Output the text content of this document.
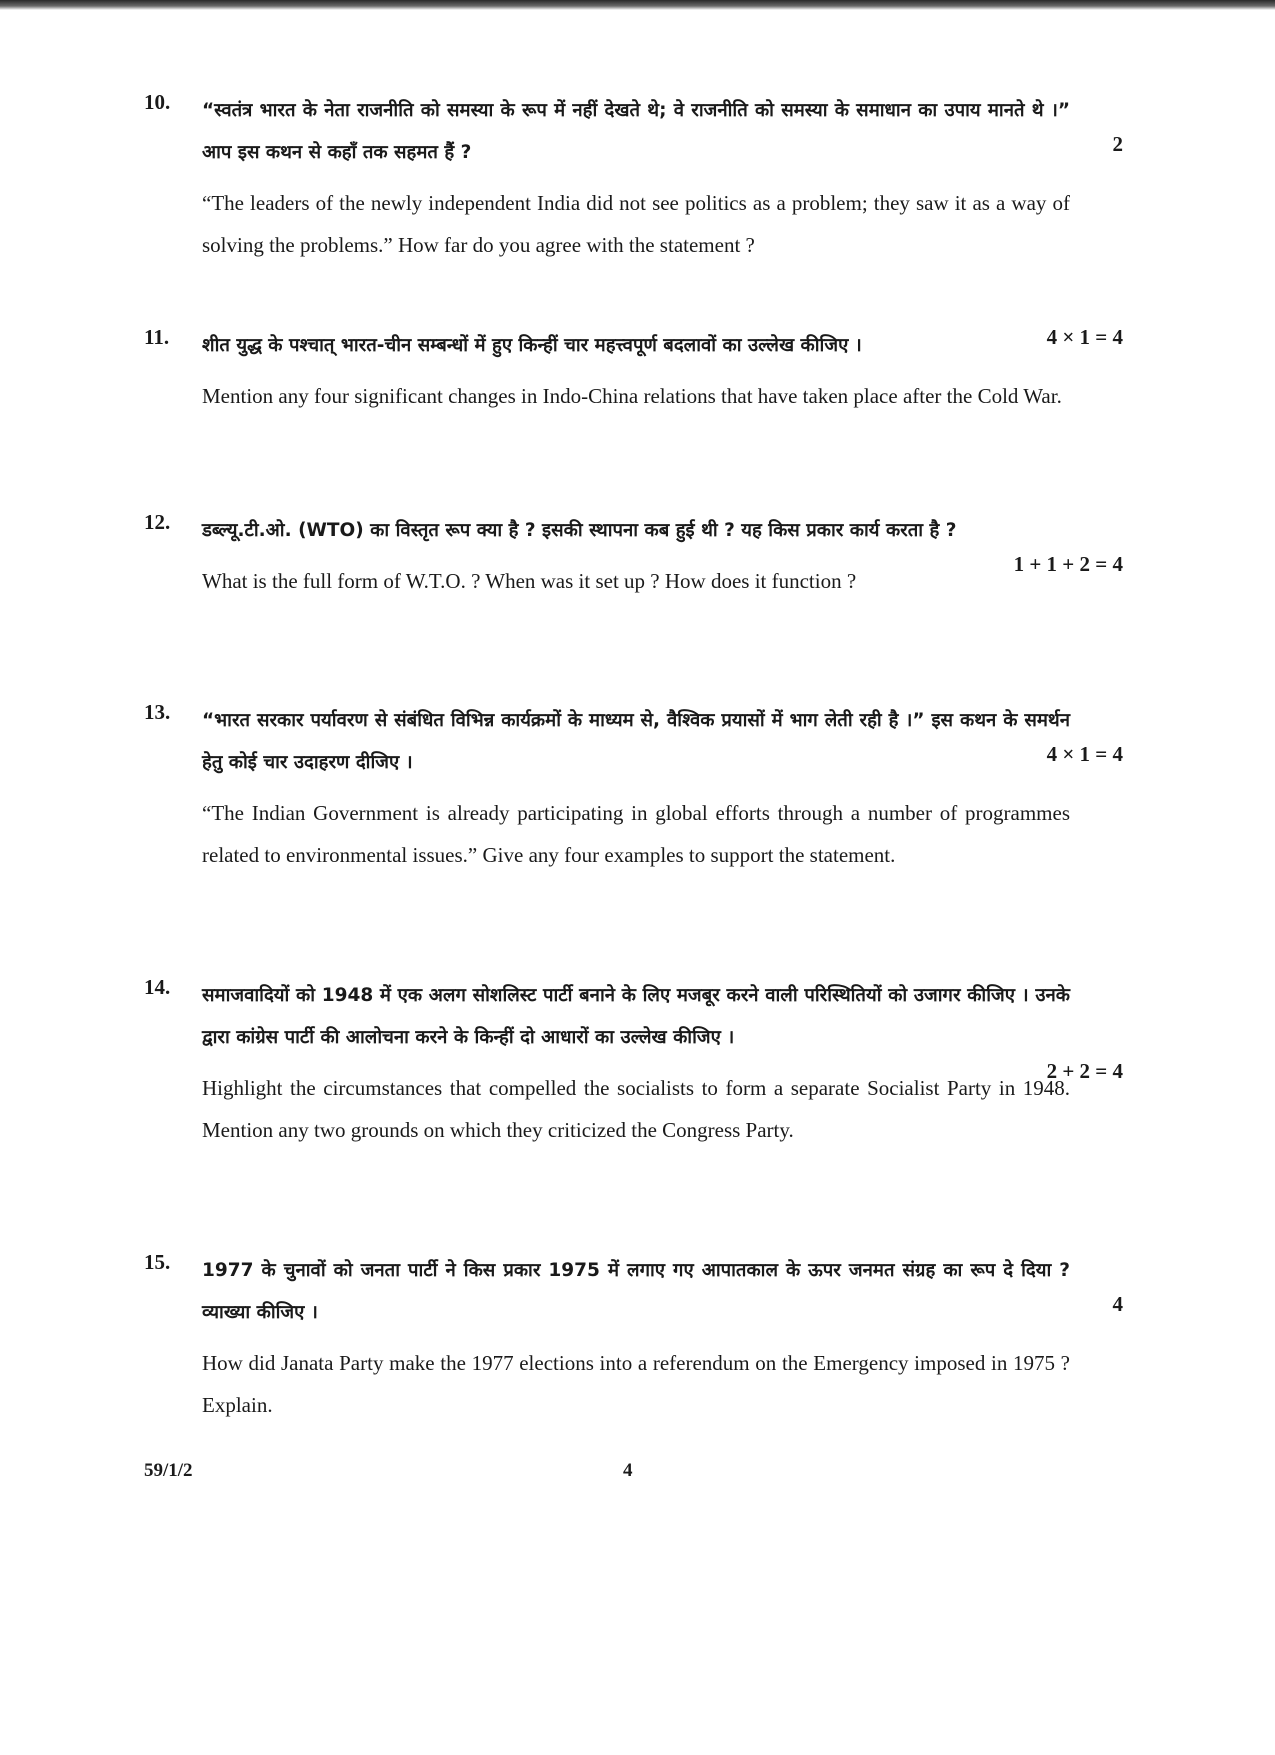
10. “स्वतंत्र भारत के नेता राजनीति को समस्या के रूप में नहीं देखते थे; वे राजनीति को समस्या के समाधान का उपाय मानते थे ।” आप इस कथन से कहाँ तक सहमत हैं ?

“The leaders of the newly independent India did not see politics as a problem; they saw it as a way of solving the problems.” How far do you agree with the statement ?

2
11. शीत युद्ध के पश्चात् भारत-चीन सम्बन्धों में हुए किन्हीं चार महत्त्वपूर्ण बदलावों का उल्लेख कीजिए ।

Mention any four significant changes in Indo-China relations that have taken place after the Cold War.

4 × 1 = 4
12. डब्ल्यू.टी.ओ. (WTO) का विस्तृत रूप क्या है ? इसकी स्थापना कब हुई थी ? यह किस प्रकार कार्य करता है ?

What is the full form of W.T.O. ? When was it set up ? How does it function ?

1 + 1 + 2 = 4
13. “भारत सरकार पर्यावरण से संबंधित विभिन्न कार्यक्रमों के माध्यम से, वैश्विक प्रयासों में भाग लेती रही है ।” इस कथन के समर्थन हेतु कोई चार उदाहरण दीजिए ।

“The Indian Government is already participating in global efforts through a number of programmes related to environmental issues.” Give any four examples to support the statement.

4 × 1 = 4
14. समाजवादियों को 1948 में एक अलग सोशलिस्ट पार्टी बनाने के लिए मजबूर करने वाली परिस्थितियों को उजागर कीजिए । उनके द्वारा कांग्रेस पार्टी की आलोचना करने के किन्हीं दो आधारों का उल्लेख कीजिए ।

Highlight the circumstances that compelled the socialists to form a separate Socialist Party in 1948. Mention any two grounds on which they criticized the Congress Party.

2 + 2 = 4
15. 1977 के चुनावों को जनता पार्टी ने किस प्रकार 1975 में लगाए गए आपातकाल के ऊपर जनमत संग्रह का रूप दे दिया ? व्याख्या कीजिए ।

How did Janata Party make the 1977 elections into a referendum on the Emergency imposed in 1975 ? Explain.

4
59/1/2	4
